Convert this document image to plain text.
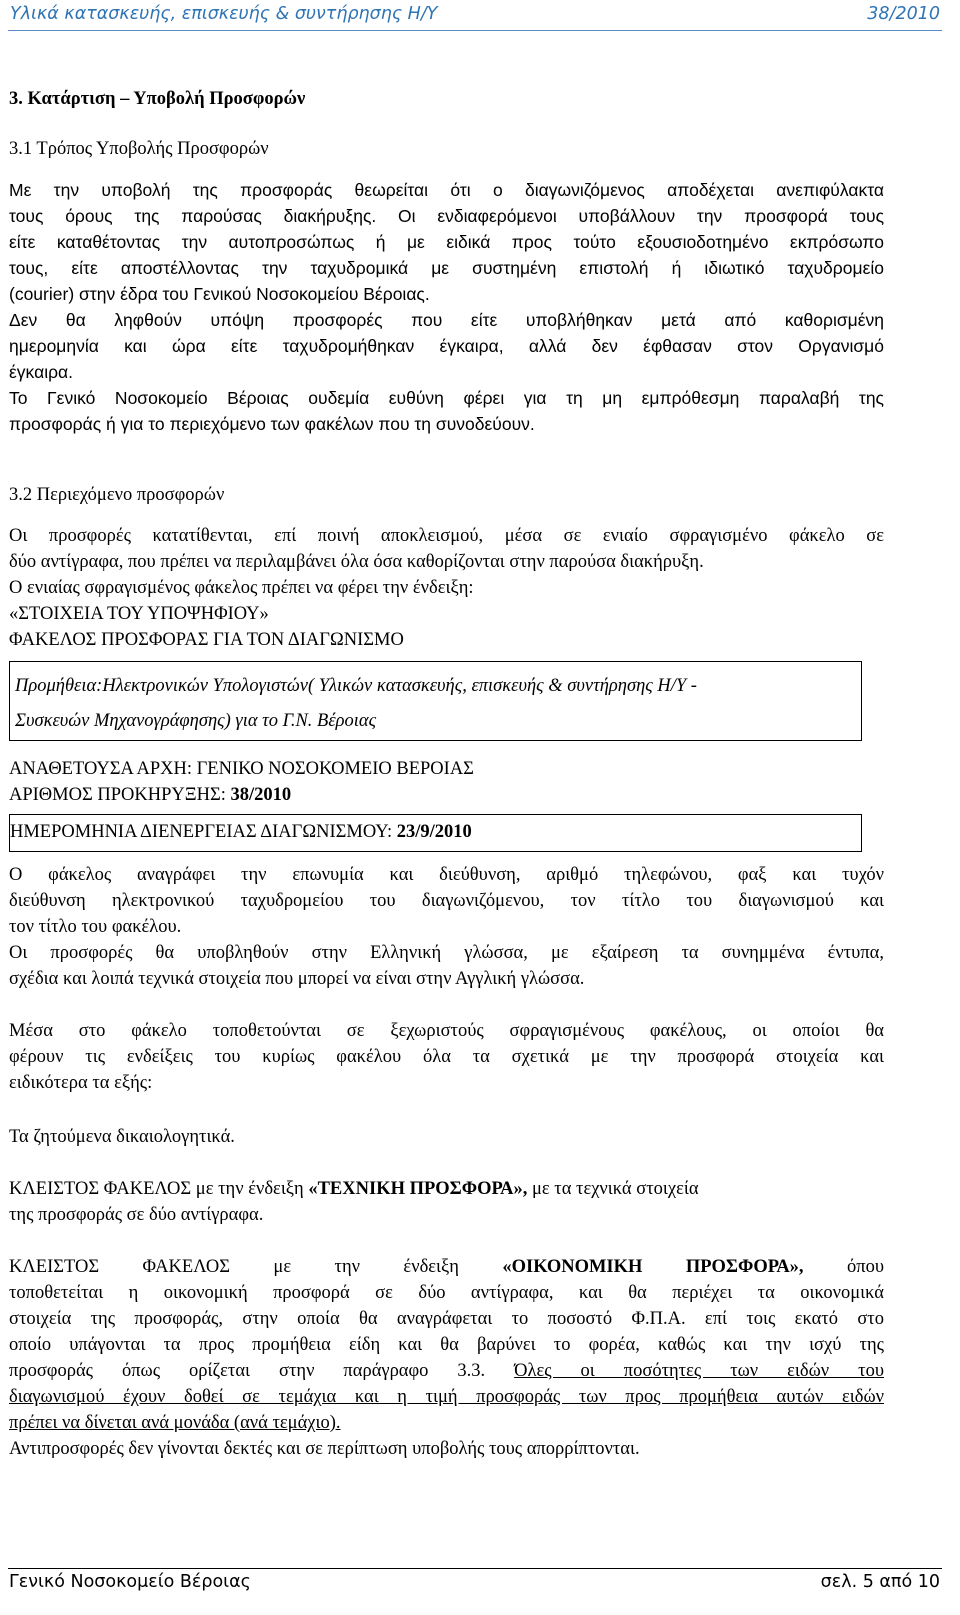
Υλικά κατασκευής, επισκευής & συντήρησης Η/Υ	38/2010
3. Κατάρτιση – Υποβολή Προσφορών
3.1 Τρόπος Υποβολής Προσφορών
Με την υποβολή της προσφοράς θεωρείται ότι ο διαγωνιζόμενος αποδέχεται ανεπιφύλακτα
τους όρους της παρούσας διακήρυξης. Οι ενδιαφερόμενοι υποβάλλουν την προσφορά τους
είτε καταθέτοντας την αυτοπροσώπως ή με ειδικά προς τούτο εξουσιοδοτημένο εκπρόσωπο
τους, είτε αποστέλλοντας την ταχυδρομικά με συστημένη επιστολή ή ιδιωτικό ταχυδρομείο
(courier) στην έδρα του Γενικού Νοσοκομείου Βέροιας.
Δεν θα ληφθούν υπόψη προσφορές που είτε υποβλήθηκαν μετά από καθορισμένη
ημερομηνία και ώρα είτε ταχυδρομήθηκαν έγκαιρα, αλλά δεν έφθασαν στον Οργανισμό
έγκαιρα.
Το Γενικό Νοσοκομείο Βέροιας ουδεμία ευθύνη φέρει για τη μη εμπρόθεσμη παραλαβή της
προσφοράς ή για το περιεχόμενο των φακέλων που τη συνοδεύουν.
3.2 Περιεχόμενο προσφορών
Οι προσφορές κατατίθενται, επί ποινή αποκλεισμού, μέσα σε ενιαίο σφραγισμένο φάκελο σε
δύο αντίγραφα, που πρέπει να περιλαμβάνει όλα όσα καθορίζονται στην παρούσα διακήρυξη.
Ο ενιαίας σφραγισμένος φάκελος πρέπει να φέρει την ένδειξη:
«ΣΤΟΙΧΕΙΑ ΤΟΥ ΥΠΟΨΗΦΙΟΥ»
ΦΑΚΕΛΟΣ ΠΡΟΣΦΟΡΑΣ ΓΙΑ ΤΟΝ ΔΙΑΓΩΝΙΣΜΟ
Προμήθεια:Ηλεκτρονικών Υπολογιστών( Υλικών κατασκευής, επισκευής & συντήρησης Η/Υ -
Συσκευών Μηχανογράφησης) για το Γ.Ν. Βέροιας
ΑΝΑΘΕΤΟΥΣΑ ΑΡΧΗ: ΓΕΝΙΚΟ ΝΟΣΟΚΟΜΕΙΟ ΒΕΡΟΙΑΣ
ΑΡΙΘΜΟΣ ΠΡΟΚΗΡΥΞΗΣ: 38/2010
ΗΜΕΡΟΜΗΝΙΑ ΔΙΕΝΕΡΓΕΙΑΣ ΔΙΑΓΩΝΙΣΜΟΥ: 23/9/2010
Ο φάκελος αναγράφει την επωνυμία και διεύθυνση, αριθμό τηλεφώνου, φαξ και τυχόν
διεύθυνση ηλεκτρονικού ταχυδρομείου του διαγωνιζόμενου, τον τίτλο του διαγωνισμού και
τον τίτλο του φακέλου.
Οι προσφορές θα υποβληθούν στην Ελληνική γλώσσα, με εξαίρεση τα συνημμένα έντυπα,
σχέδια και λοιπά τεχνικά στοιχεία που μπορεί να είναι στην Αγγλική γλώσσα.
Μέσα στο φάκελο τοποθετούνται σε ξεχωριστούς σφραγισμένους φακέλους, οι οποίοι θα
φέρουν τις ενδείξεις του κυρίως φακέλου όλα τα σχετικά με την προσφορά στοιχεία και
ειδικότερα τα εξής:
Τα ζητούμενα δικαιολογητικά.
ΚΛΕΙΣΤΟΣ ΦΑΚΕΛΟΣ με την ένδειξη «ΤΕΧΝΙΚΗ ΠΡΟΣΦΟΡΑ», με τα τεχνικά στοιχεία
της προσφοράς σε δύο αντίγραφα.
ΚΛΕΙΣΤΟΣ ΦΑΚΕΛΟΣ με την ένδειξη «ΟΙΚΟΝΟΜΙΚΗ ΠΡΟΣΦΟΡΑ», όπου
τοποθετείται η οικονομική προσφορά σε δύο αντίγραφα, και θα περιέχει τα οικονομικά
στοιχεία της προσφοράς, στην οποία θα αναγράφεται το ποσοστό Φ.Π.Α. επί τοις εκατό στο
οποίο υπάγονται τα προς προμήθεια είδη και θα βαρύνει το φορέα, καθώς και την ισχύ της
προσφοράς όπως ορίζεται στην παράγραφο 3.3. Όλες οι ποσότητες των ειδών του
διαγωνισμού έχουν δοθεί σε τεμάχια και η τιμή προσφοράς των προς προμήθεια αυτών ειδών
πρέπει να δίνεται ανά μονάδα (ανά τεμάχιο).
Αντιπροσφορές δεν γίνονται δεκτές και σε περίπτωση υποβολής τους απορρίπτονται.
Γενικό Νοσοκομείο Βέροιας	σελ. 5 από 10
